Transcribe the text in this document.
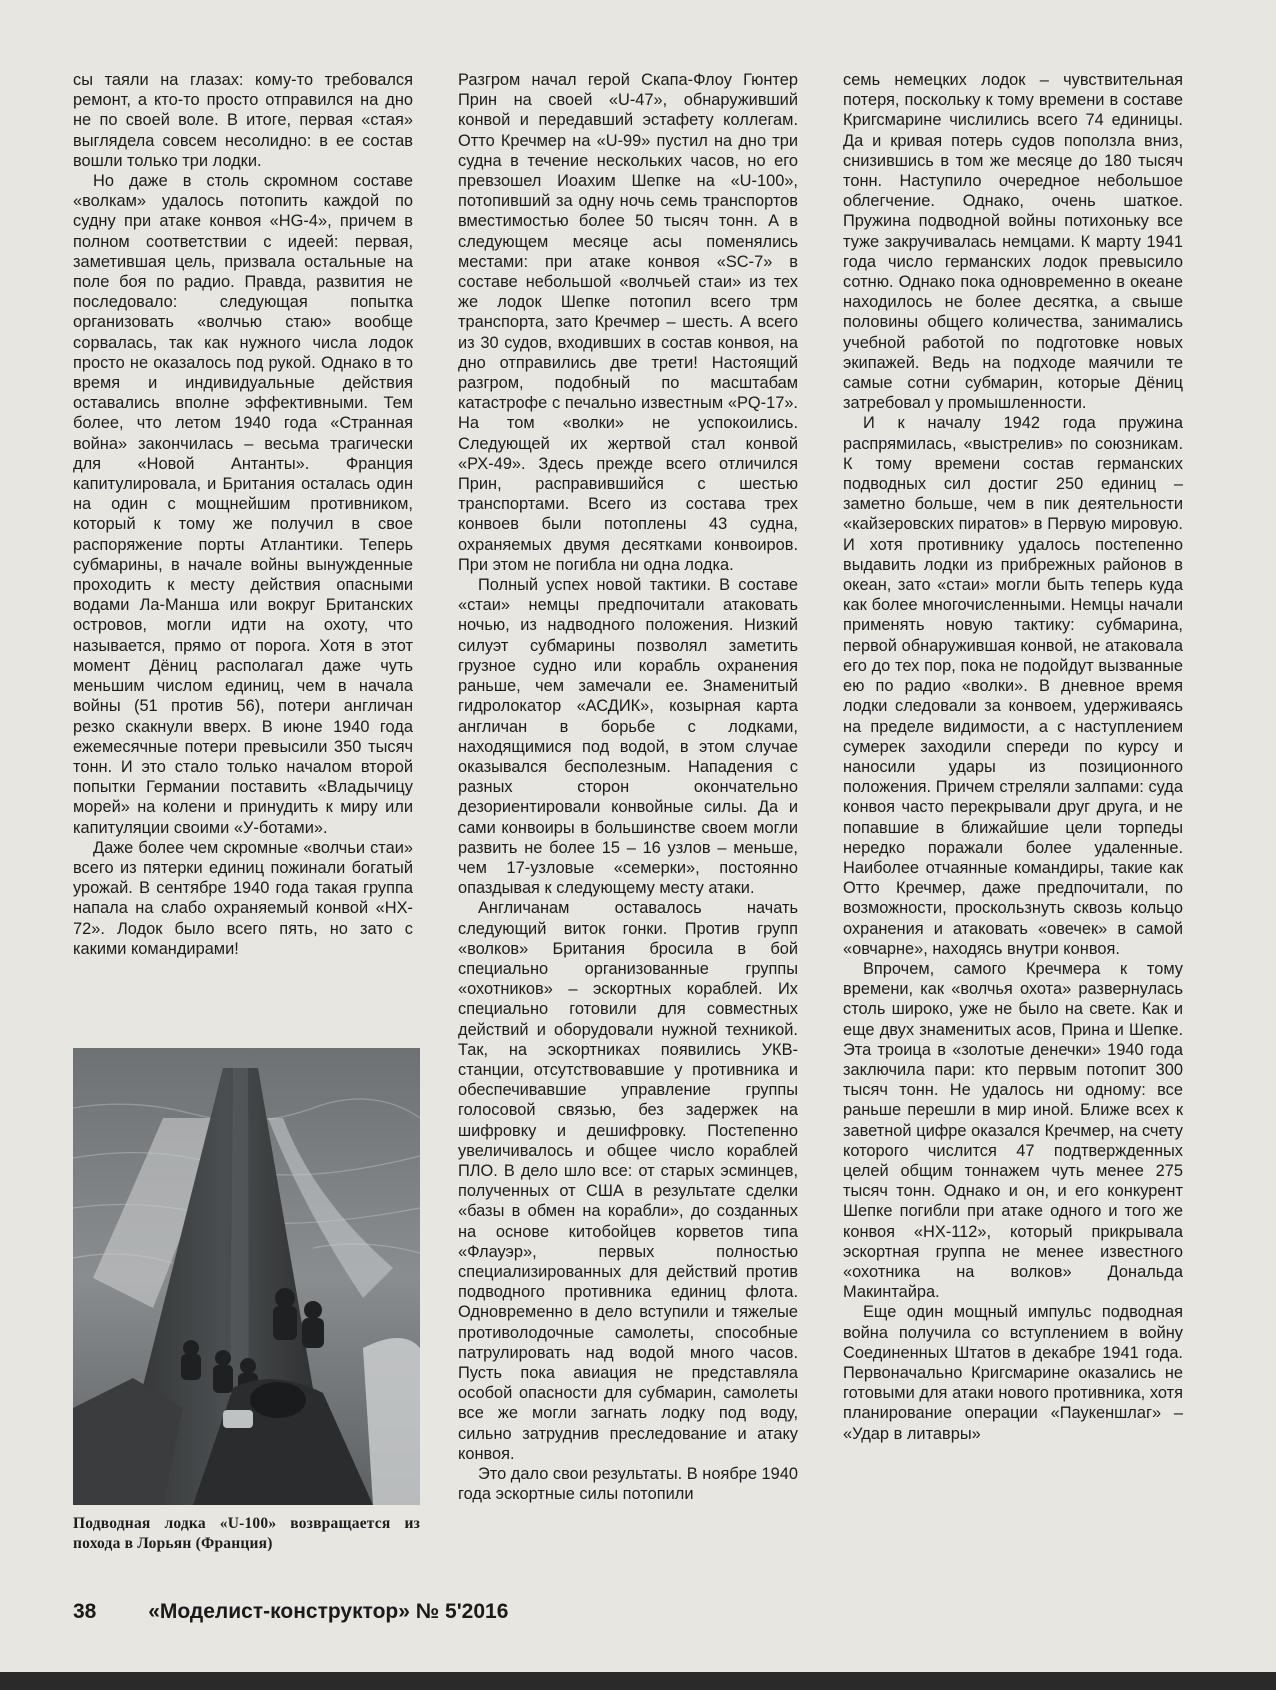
сы таяли на глазах: кому-то требовался ремонт, а кто-то просто отправился на дно не по своей воле. В итоге, первая «стая» выглядела совсем несолидно: в ее состав вошли только три лодки.

Но даже в столь скромном составе «волкам» удалось потопить каждой по судну при атаке конвоя «HG-4», причем в полном соответствии с идеей: первая, заметившая цель, призвала остальные на поле боя по радио. Правда, развития не последовало: следующая попытка организовать «волчью стаю» вообще сорвалась, так как нужного числа лодок просто не оказалось под рукой. Однако в то время и индивидуальные действия оставались вполне эффективными. Тем более, что летом 1940 года «Странная война» закончилась – весьма трагически для «Новой Антанты». Франция капитулировала, и Британия осталась один на один с мощнейшим противником, который к тому же получил в свое распоряжение порты Атлантики. Теперь субмарины, в начале войны вынужденные проходить к месту действия опасными водами Ла-Манша или вокруг Британских островов, могли идти на охоту, что называется, прямо от порога. Хотя в этот момент Дёниц располагал даже чуть меньшим числом единиц, чем в начала войны (51 против 56), потери англичан резко скакнули вверх. В июне 1940 года ежемесячные потери превысили 350 тысяч тонн. И это стало только началом второй попытки Германии поставить «Владычицу морей» на колени и принудить к миру или капитуляции своими «У-ботами».

Даже более чем скромные «волчьи стаи» всего из пятерки единиц пожинали богатый урожай. В сентябре 1940 года такая группа напала на слабо охраняемый конвой «HX-72». Лодок было всего пять, но зато с какими командирами!

Подводная лодка «U-100» возвращается из похода в Лорьян (Франция)

Разгром начал герой Скапа-Флоу Гюнтер Прин на своей «U-47», обнаруживший конвой и передавший эстафету коллегам. Отто Кречмер на «U-99» пустил на дно три судна в течение нескольких часов, но его превзошел Иоахим Шепке на «U-100», потопивший за одну ночь семь транспортов вместимостью более 50 тысяч тонн. А в следующем месяце асы поменялись местами: при атаке конвоя «SC-7» в составе небольшой «волчьей стаи» из тех же лодок Шепке потопил всего трм транспорта, зато Кречмер – шесть. А всего из 30 судов, входивших в состав конвоя, на дно отправились две трети! Настоящий разгром, подобный по масштабам катастрофе с печально известным «PQ-17». На том «волки» не успокоились. Следующей их жертвой стал конвой «РХ-49». Здесь прежде всего отличился Прин, расправившийся с шестью транспортами. Всего из состава трех конвоев были потоплены 43 судна, охраняемых двумя десятками конвоиров. При этом не погибла ни одна лодка.

Полный успех новой тактики. В составе «стаи» немцы предпочитали атаковать ночью, из надводного положения. Низкий силуэт субмарины позволял заметить грузное судно или корабль охранения раньше, чем замечали ее. Знаменитый гидролокатор «АСДИК», козырная карта англичан в борьбе с лодками, находящимися под водой, в этом случае оказывался бесполезным. Нападения с разных сторон окончательно дезориентировали конвойные силы. Да и сами конвоиры в большинстве своем могли развить не более 15 – 16 узлов – меньше, чем 17-узловые «семерки», постоянно опаздывая к следующему месту атаки.

Англичанам оставалось начать следующий виток гонки. Против групп «волков» Британия бросила в бой специально организованные группы «охотников» – эскортных кораблей. Их специально готовили для совместных действий и оборудовали нужной техникой. Так, на эскортниках появились УКВ-станции, отсутствовавшие у противника и обеспечивавшие управление группы голосовой связью, без задержек на шифровку и дешифровку. Постепенно увеличивалось и общее число кораблей ПЛО. В дело шло все: от старых эсминцев, полученных от США в результате сделки «базы в обмен на корабли», до созданных на основе китобойцев корветов типа «Флауэр», первых полностью специализированных для действий против подводного противника единиц флота. Одновременно в дело вступили и тяжелые противолодочные самолеты, способные патрулировать над водой много часов. Пусть пока авиация не представляла особой опасности для субмарин, самолеты все же могли загнать лодку под воду, сильно затруднив преследование и атаку конвоя.

Это дало свои результаты. В ноябре 1940 года эскортные силы потопили

семь немецких лодок – чувствительная потеря, поскольку к тому времени в составе Кригсмарине числились всего 74 единицы. Да и кривая потерь судов поползла вниз, снизившись в том же месяце до 180 тысяч тонн. Наступило очередное небольшое облегчение. Однако, очень шаткое. Пружина подводной войны потихоньку все туже закручивалась немцами. К марту 1941 года число германских лодок превысило сотню. Однако пока одновременно в океане находилось не более десятка, а свыше половины общего количества, занимались учебной работой по подготовке новых экипажей. Ведь на подходе маячили те самые сотни субмарин, которые Дёниц затребовал у промышленности.

И к началу 1942 года пружина распрямилась, «выстрелив» по союзникам. К тому времени состав германских подводных сил достиг 250 единиц – заметно больше, чем в пик деятельности «кайзеровских пиратов» в Первую мировую. И хотя противнику удалось постепенно выдавить лодки из прибрежных районов в океан, зато «стаи» могли быть теперь куда как более многочисленными. Немцы начали применять новую тактику: субмарина, первой обнаружившая конвой, не атаковала его до тех пор, пока не подойдут вызванные ею по радио «волки». В дневное время лодки следовали за конвоем, удерживаясь на пределе видимости, а с наступлением сумерек заходили спереди по курсу и наносили удары из позиционного положения. Причем стреляли залпами: суда конвоя часто перекрывали друг друга, и не попавшие в ближайшие цели торпеды нередко поражали более удаленные. Наиболее отчаянные командиры, такие как Отто Кречмер, даже предпочитали, по возможности, проскользнуть сквозь кольцо охранения и атаковать «овечек» в самой «овчарне», находясь внутри конвоя.

Впрочем, самого Кречмера к тому времени, как «волчья охота» развернулась столь широко, уже не было на свете. Как и еще двух знаменитых асов, Прина и Шепке. Эта троица в «золотые денечки» 1940 года заключила пари: кто первым потопит 300 тысяч тонн. Не удалось ни одному: все раньше перешли в мир иной. Ближе всех к заветной цифре оказался Кречмер, на счету которого числится 47 подтвержденных целей общим тоннажем чуть менее 275 тысяч тонн. Однако и он, и его конкурент Шепке погибли при атаке одного и того же конвоя «HX-112», который прикрывала эскортная группа не менее известного «охотника на волков» Дональда Макинтайра.

Еще один мощный импульс подводная война получила со вступлением в войну Соединенных Штатов в декабре 1941 года. Первоначально Кригсмарине оказались не готовыми для атаки нового противника, хотя планирование операции «Паукеншлаг» – «Удар в литавры»

38 «Моделист-конструктор» № 5'2016
